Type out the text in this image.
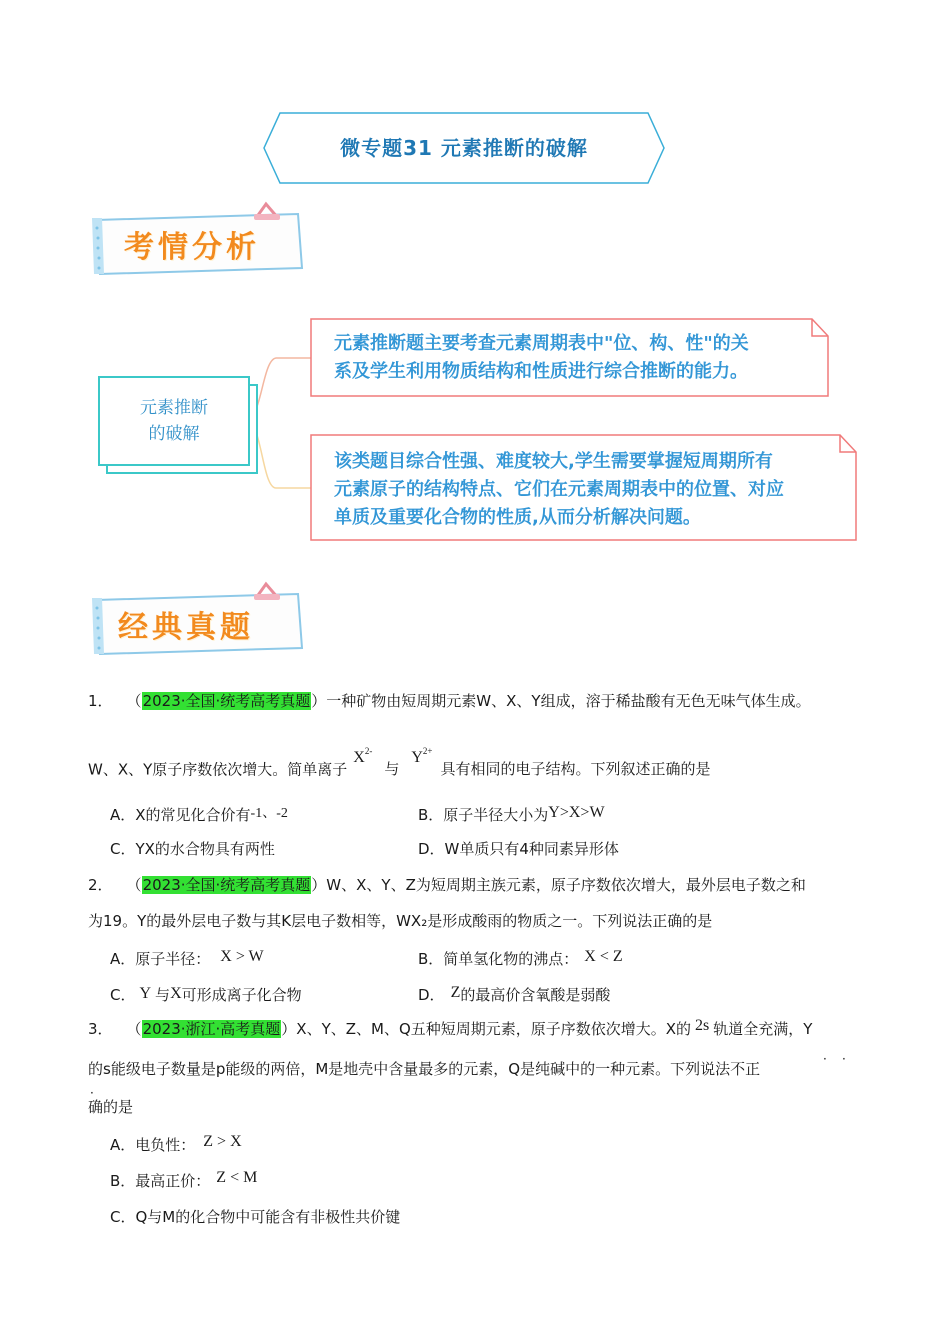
微专题31 元素推断的破解
考情分析
元素推断
的破解
元素推断题主要考查元素周期表中"位、构、性"的关
系及学生利用物质结构和性质进行综合推断的能力。
该类题目综合性强、难度较大,学生需要掌握短周期所有
元素原子的结构特点、它们在元素周期表中的位置、对应
单质及重要化合物的性质,从而分析解决问题。
经典真题
1． （2023·全国·统考高考真题）一种矿物由短周期元素W、X、Y组成，溶于稀盐酸有无色无味气体生成。
W、X、Y原子序数依次增大。简单离子$X^{2-}$与$Y^{2+}$具有相同的电子结构。下列叙述正确的是
A．X的常见化合价有-1、-2	B．原子半径大小为Y>X>W
C．YX的水合物具有两性	D．W单质只有4种同素异形体
2． （2023·全国·统考高考真题）W、X、Y、Z为短周期主族元素，原子序数依次增大，最外层电子数之和
为19。Y的最外层电子数与其K层电子数相等，WX₂是形成酸雨的物质之一。下列说法正确的是
A．原子半径： X > W	B．简单氢化物的沸点： X < Z
C． Y 与X可形成离子化合物	D． Z的最高价含氧酸是弱酸
3． （2023·浙江·高考真题）X、Y、Z、M、Q五种短周期元素，原子序数依次增大。X的 2s 轨道全充满，Y
的s能级电子数量是p能级的两倍，M是地壳中含量最多的元素，Q是纯碱中的一种元素。下列说法不正
· ·
·
确的是
A．电负性： Z > X
B．最高正价： Z < M
C．Q与M的化合物中可能含有非极性共价键
